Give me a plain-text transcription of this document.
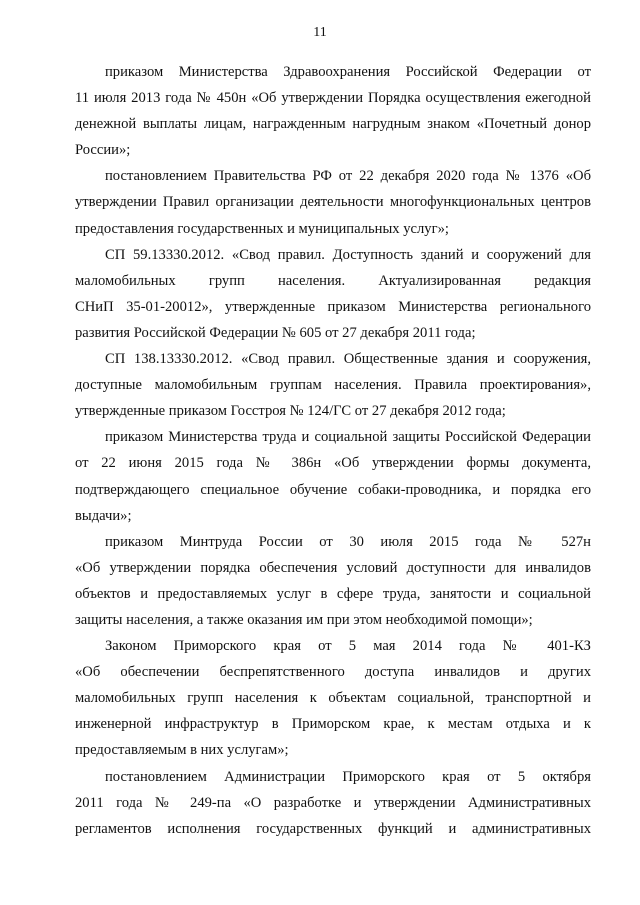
11
приказом Министерства Здравоохранения Российской Федерации от
11 июля 2013 года № 450н «Об утверждении Порядка осуществления ежегодной
денежной выплаты лицам, награжденным нагрудным знаком «Почетный донор
России»;
постановлением Правительства РФ от 22 декабря 2020 года № 1376 «Об
утверждении Правил организации деятельности многофункциональных центров
предоставления государственных и муниципальных услуг»;
СП 59.13330.2012. «Свод правил. Доступность зданий и сооружений для
маломобильных групп населения. Актуализированная редакция
СНиП 35-01-20012», утвержденные приказом Министерства регионального
развития Российской Федерации № 605 от 27 декабря 2011 года;
СП 138.13330.2012. «Свод правил. Общественные здания и сооружения,
доступные маломобильным группам населения. Правила проектирования»,
утвержденные приказом Госстроя № 124/ГС от 27 декабря 2012 года;
приказом Министерства труда и социальной защиты Российской Федерации
от 22 июня 2015 года № 386н «Об утверждении формы документа,
подтверждающего специальное обучение собаки-проводника, и порядка его
выдачи»;
приказом Минтруда России от 30 июля 2015 года № 527н
«Об утверждении порядка обеспечения условий доступности для инвалидов
объектов и предоставляемых услуг в сфере труда, занятости и социальной
защиты населения, а также оказания им при этом необходимой помощи»;
Законом Приморского края от 5 мая 2014 года № 401-КЗ
«Об обеспечении беспрепятственного доступа инвалидов и других
маломобильных групп населения к объектам социальной, транспортной и
инженерной инфраструктур в Приморском крае, к местам отдыха и к
предоставляемым в них услугам»;
постановлением Администрации Приморского края от 5 октября
2011 года № 249-па «О разработке и утверждении Административных
регламентов исполнения государственных функций и административных
